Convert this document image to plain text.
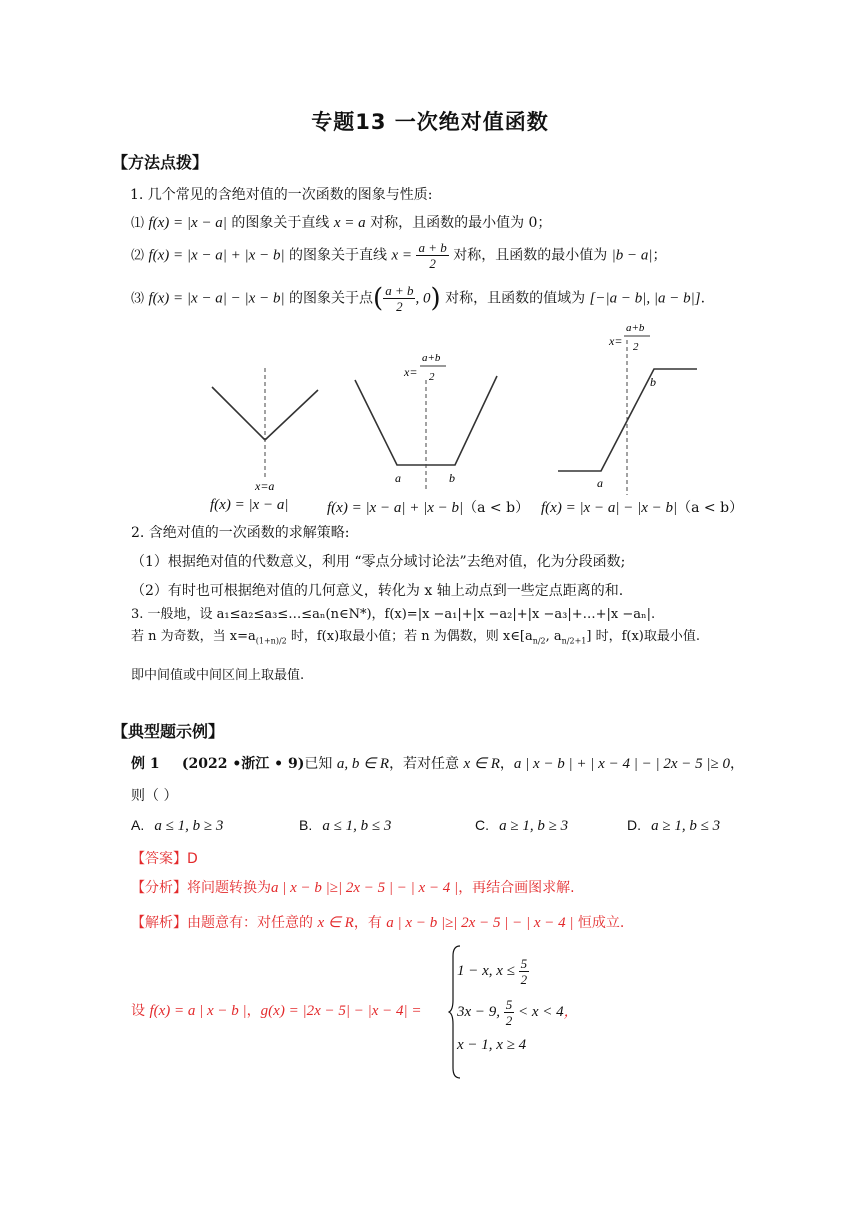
专题13 一次绝对值函数
【方法点拨】
1. 几个常见的含绝对值的一次函数的图象与性质:
⑴ f(x) = |x − a| 的图象关于直线 x = a 对称，且函数的最小值为 0；
⑵ f(x) = |x − a| + |x − b| 的图象关于直线 $x = \frac{a + b}{2}$ 对称，且函数的最小值为 |b − a|；
⑶ f(x) = |x − a| − |x − b| 的图象关于点( $\frac{a + b}{2}$ , 0) 对称，且函数的值域为 [−|a − b|, |a − b|].
x=a
x=
a+b
2
a	b
x=
a+b
2
a
b
f(x) = |x − a|	f(x) = |x − a| + |x − b|（a < b） f(x) = |x − a| − |x − b|（a < b）
2. 含绝对值的一次函数的求解策略:
（1）根据绝对值的代数意义，利用 “零点分域讨论法”去绝对值，化为分段函数;
（2）有时也可根据绝对值的几何意义，转化为 x 轴上动点到一些定点距离的和.
3. 一般地，设 a₁≤a₂≤a₃≤…≤aₙ(n∈N*)，f(x)=|x −a₁|+|x −a₂|+|x −a₃|+…+|x −aₙ|.
若 n 为奇数，当 $x=a_{(1+n)/2}$ 时，f(x)取最小值；若 n 为偶数，则 $x\in[a_{n/2}$, $a_{n/2+1}$] 时，f(x)取最小值.
即中间值或中间区间上取最值.
【典型题示例】
例 1 (2022 •浙江 • 9)已知 a, b ∈ R，若对任意 x ∈ R，a | x − b | + | x − 4 | − | 2x − 5 |≥ 0，
则（ ）
A. a ≤ 1, b ≥ 3	B. a ≤ 1, b ≤ 3	C. a ≥ 1, b ≥ 3	D. a ≥ 1, b ≤ 3
【答案】D
【分析】将问题转换为a | x − b |≥| 2x − 5 | − | x − 4 |，再结合画图求解.
【解析】由题意有：对任意的 x ∈ R，有 a | x − b |≥| 2x − 5 | − | x − 4 | 恒成立.
设 f(x) = a | x − b |，g(x) = |2x − 5| − |x − 4| =
1 − x, $x \le \frac{5}{2}$
3x − 9, $\frac{5}{2} < x < 4$，
x − 1, x ≥ 4
